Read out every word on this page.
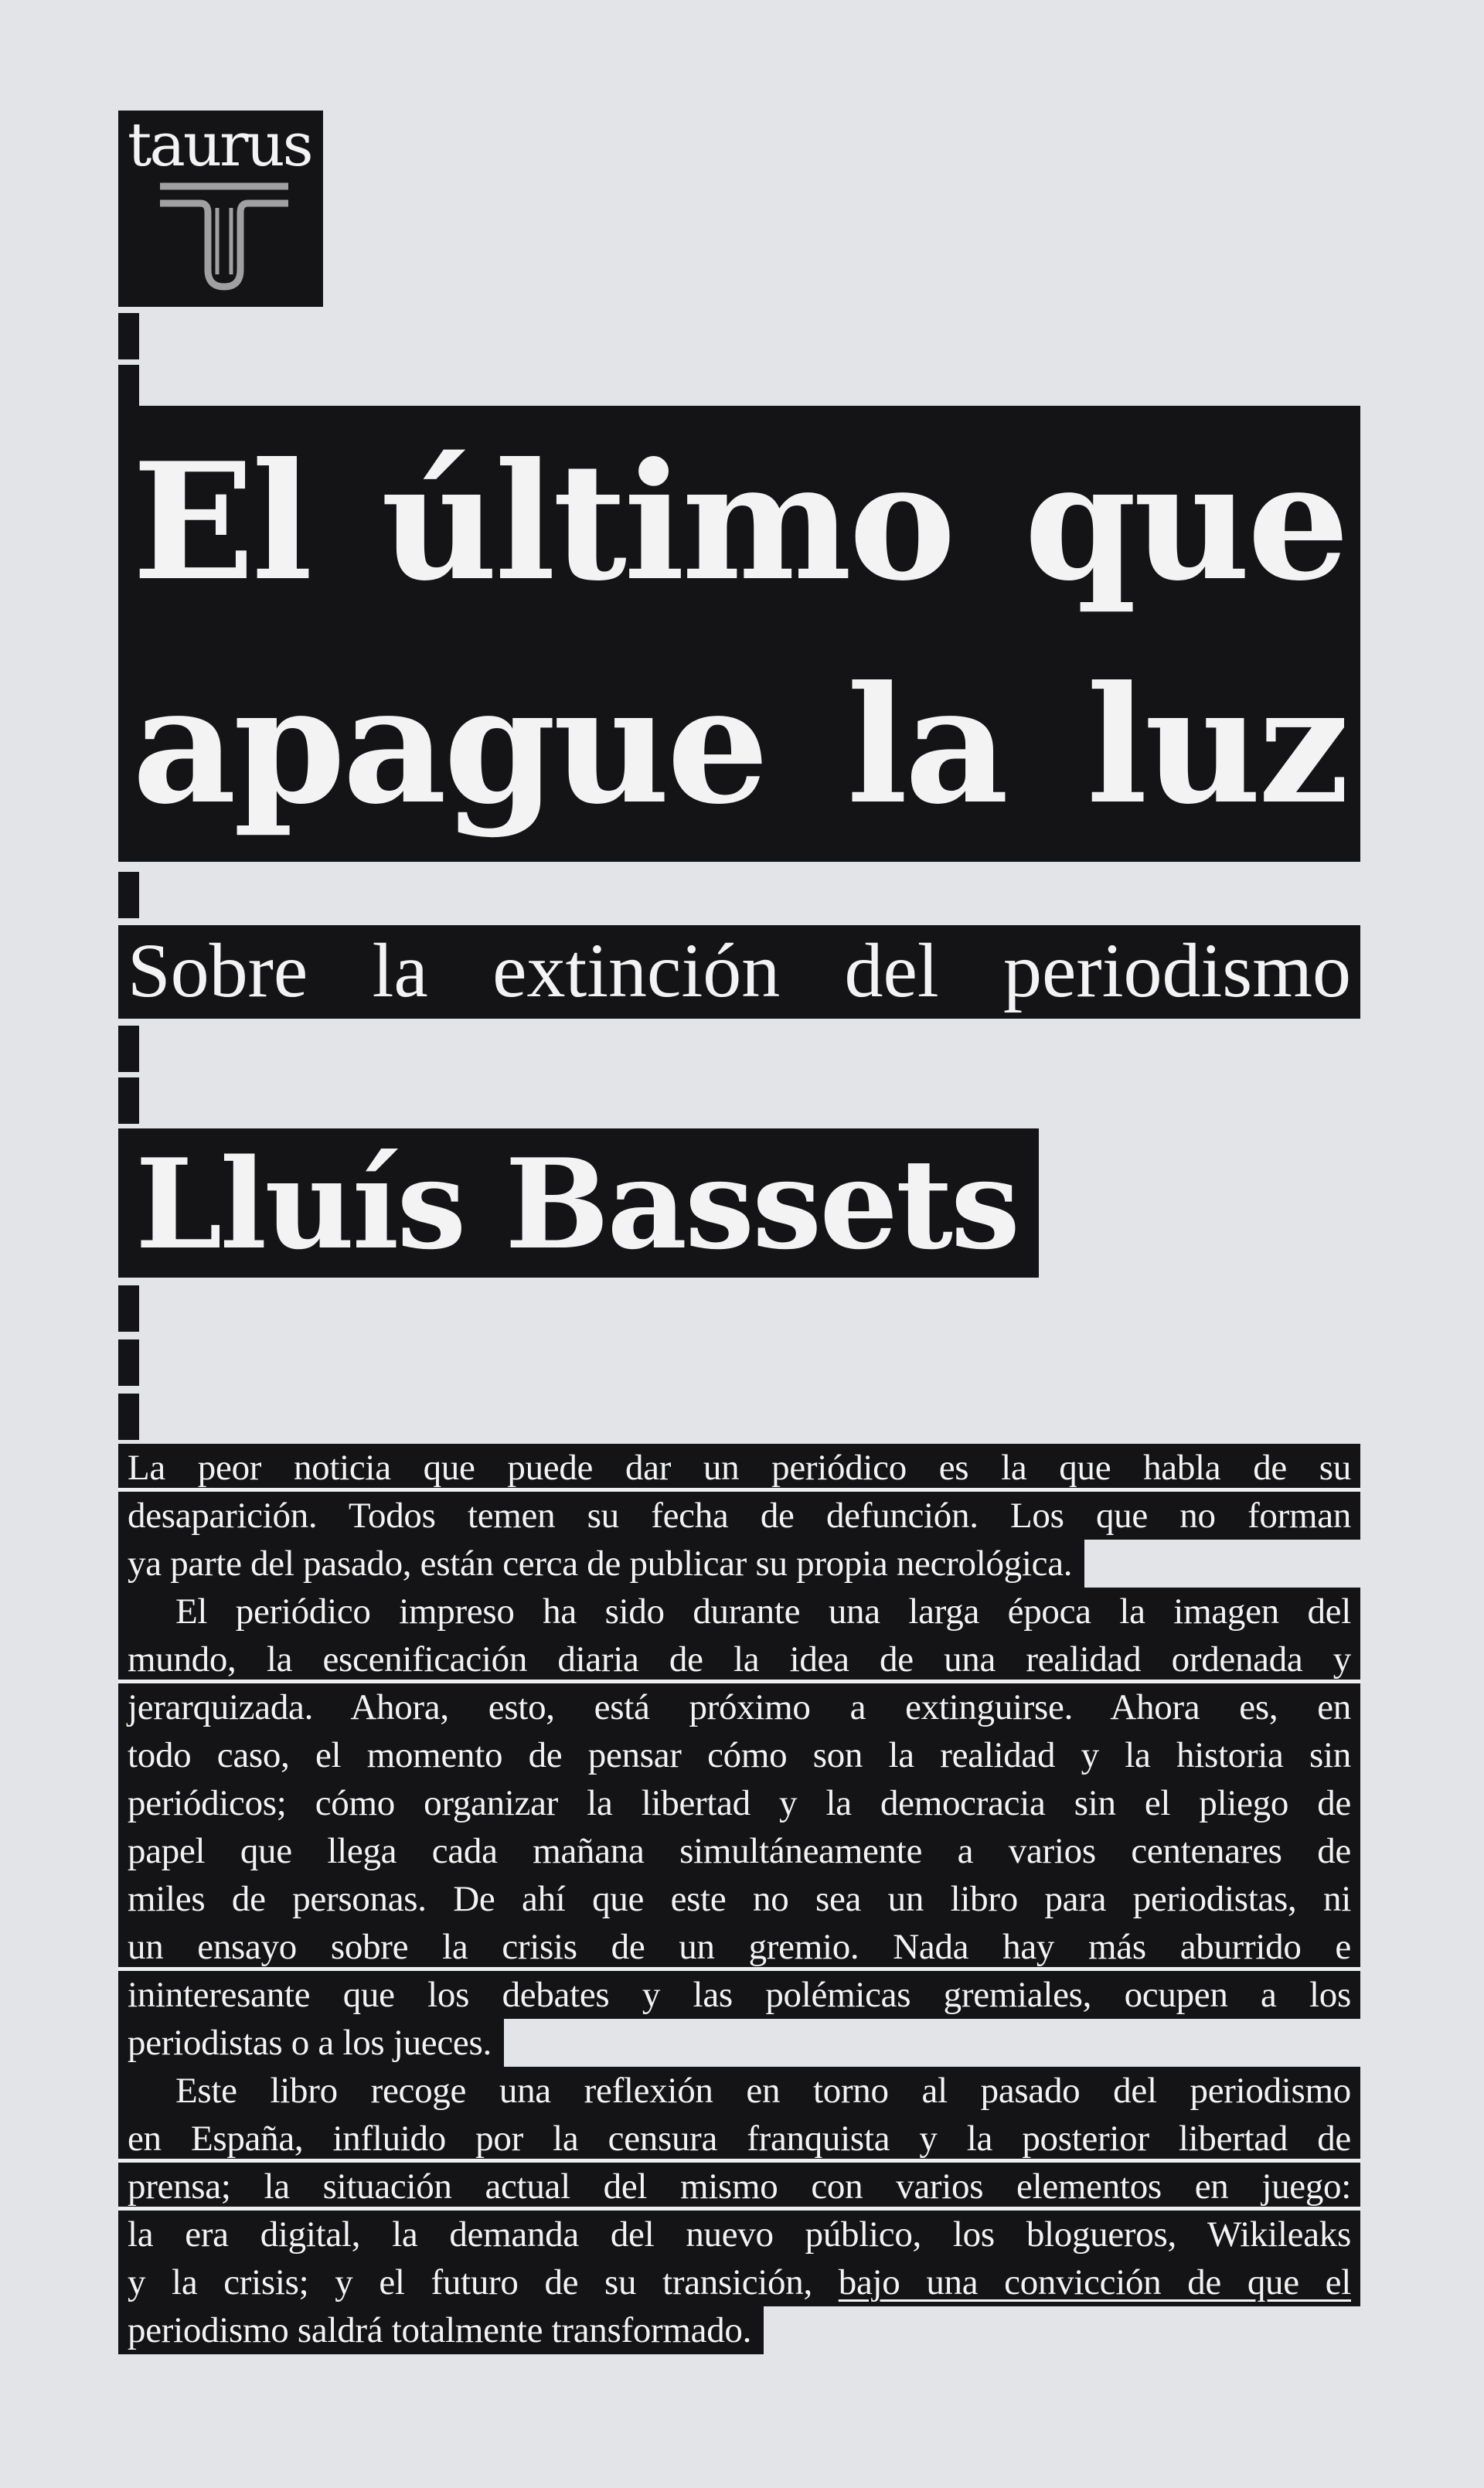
taurus
El último que
apague la luz
Sobre la extinción del periodismo
Lluís Bassets
La peor noticia que puede dar un periódico es la que habla de su
desaparición. Todos temen su fecha de defunción. Los que no forman
ya parte del pasado, están cerca de publicar su propia necrológica.
El periódico impreso ha sido durante una larga época la imagen del
mundo, la escenificación diaria de la idea de una realidad ordenada y
jerarquizada. Ahora, esto, está próximo a extinguirse. Ahora es, en
todo caso, el momento de pensar cómo son la realidad y la historia sin
periódicos; cómo organizar la libertad y la democracia sin el pliego de
papel que llega cada mañana simultáneamente a varios centenares de
miles de personas. De ahí que este no sea un libro para periodistas, ni
un ensayo sobre la crisis de un gremio. Nada hay más aburrido e
ininteresante que los debates y las polémicas gremiales, ocupen a los
periodistas o a los jueces.
Este libro recoge una reflexión en torno al pasado del periodismo
en España, influido por la censura franquista y la posterior libertad de
prensa; la situación actual del mismo con varios elementos en juego:
la era digital, la demanda del nuevo público, los blogueros, Wikileaks
y la crisis; y el futuro de su transición, bajo una convicción de que el
periodismo saldrá totalmente transformado.
